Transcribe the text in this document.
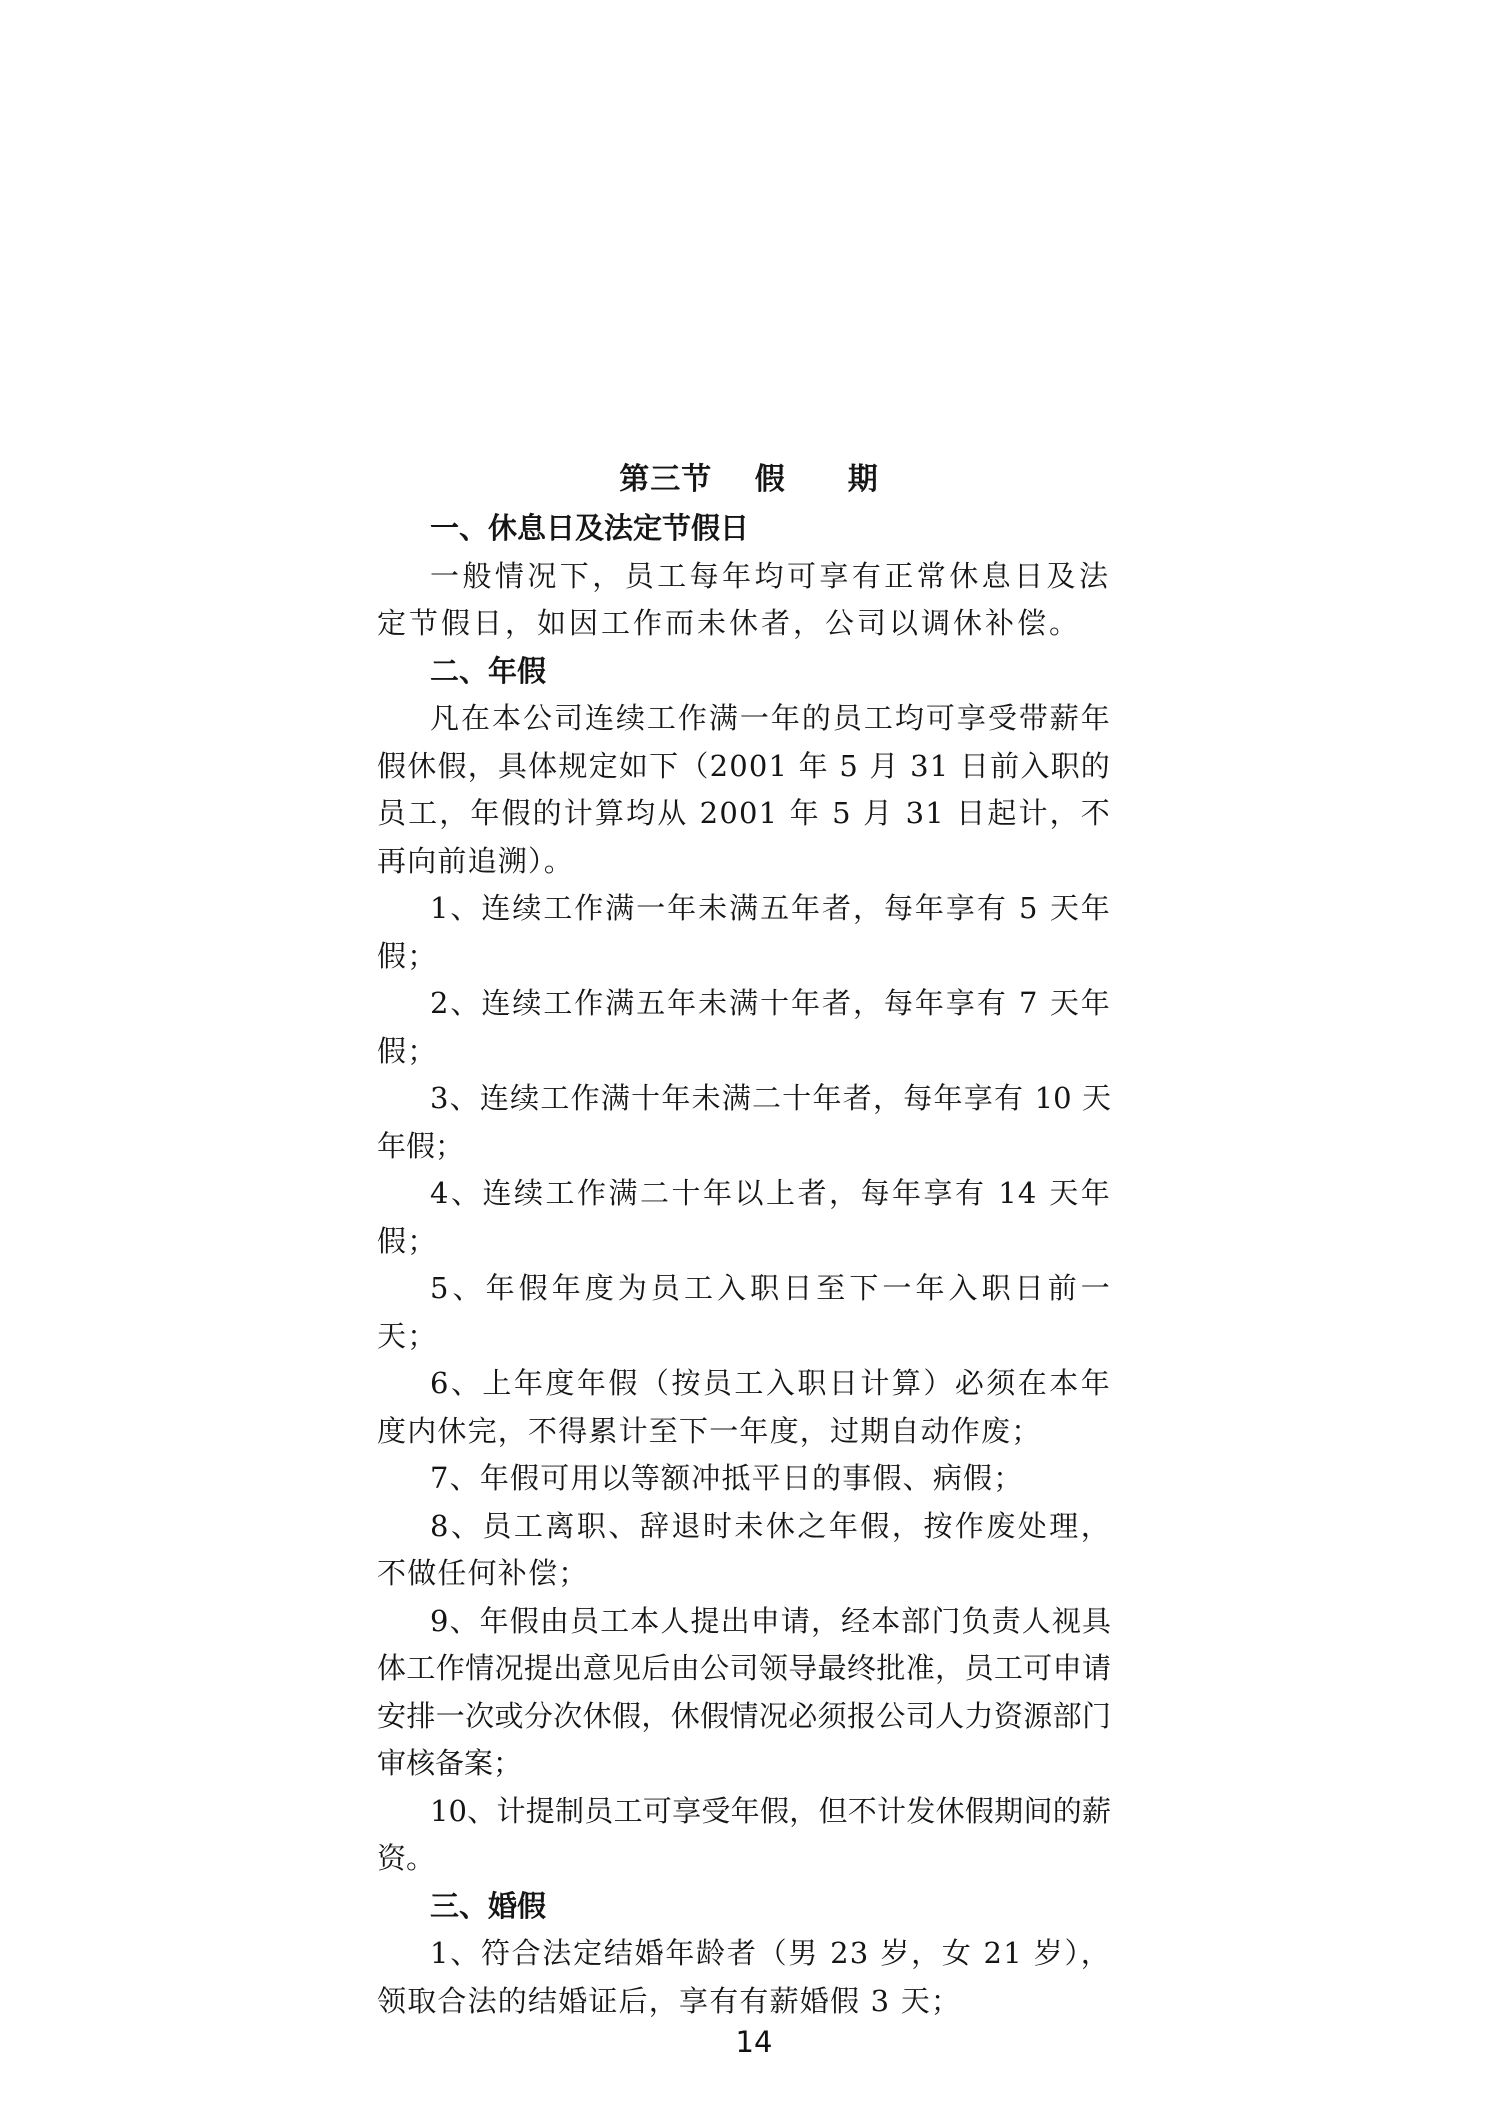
第三节　 假　　期
一、休息日及法定节假日
一般情况下，员工每年均可享有正常休息日及法定节假日，如因工作而未休者，公司以调休补偿。
二、年假
凡在本公司连续工作满一年的员工均可享受带薪年假休假，具体规定如下（2001 年 5 月 31 日前入职的员工，年假的计算均从 2001 年 5 月 31 日起计，不再向前追溯）。
1、连续工作满一年未满五年者，每年享有 5 天年假；
2、连续工作满五年未满十年者，每年享有 7 天年假；
3、连续工作满十年未满二十年者，每年享有 10 天年假；
4、连续工作满二十年以上者，每年享有 14 天年假；
5、年假年度为员工入职日至下一年入职日前一天；
6、上年度年假（按员工入职日计算）必须在本年度内休完，不得累计至下一年度，过期自动作废；
7、年假可用以等额冲抵平日的事假、病假；
8、员工离职、辞退时未休之年假，按作废处理，不做任何补偿；
9、年假由员工本人提出申请，经本部门负责人视具体工作情况提出意见后由公司领导最终批准，员工可申请安排一次或分次休假，休假情况必须报公司人力资源部门审核备案；
10、计提制员工可享受年假，但不计发休假期间的薪资。
三、婚假
1、符合法定结婚年龄者（男 23 岁，女 21 岁），领取合法的结婚证后，享有有薪婚假 3 天；
14
